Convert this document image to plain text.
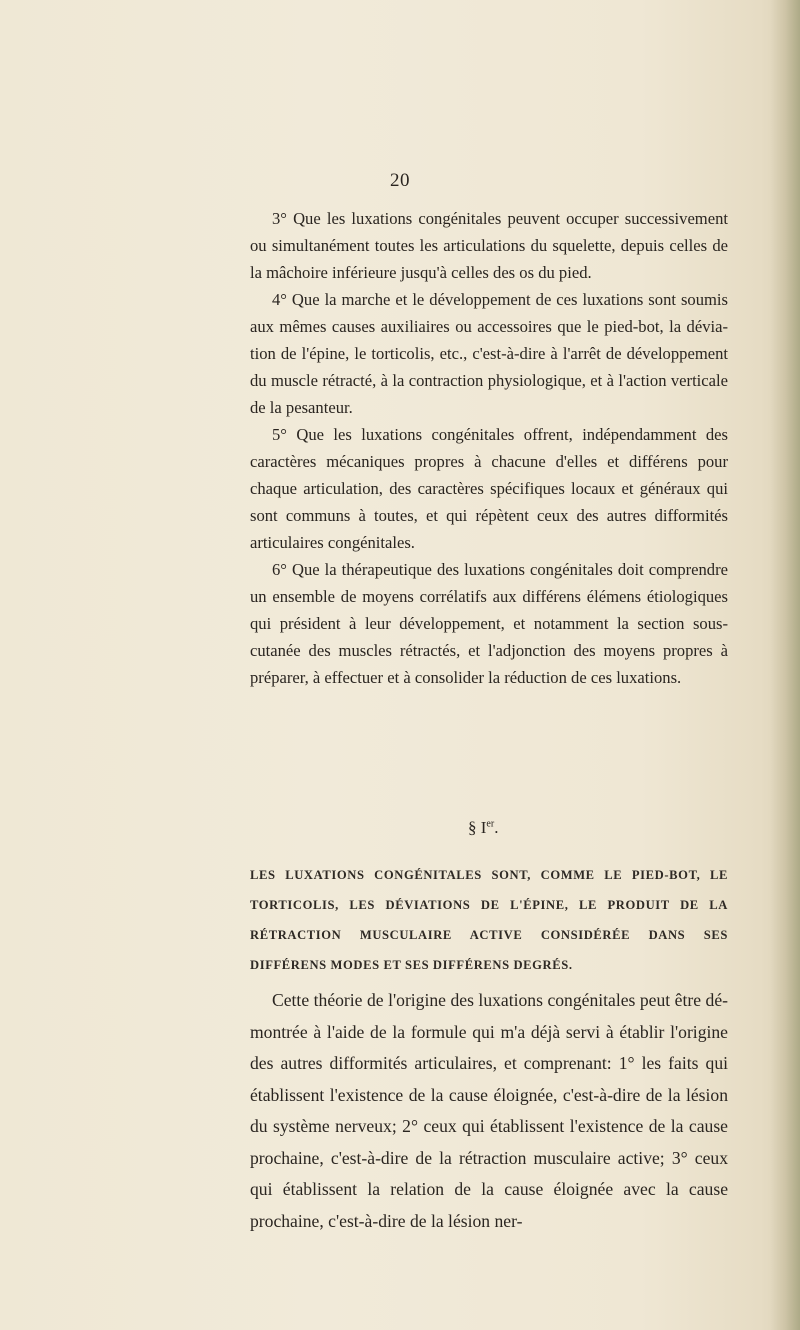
20

3° Que les luxations congénitales peuvent occuper successivement ou simultanément toutes les articulations du squelette, depuis celles de la mâchoire inférieure jusqu'à celles des os du pied.

4° Que la marche et le développement de ces luxations sont soumis aux mêmes causes auxiliaires ou accessoires que le pied-bot, la déviation de l'épine, le torticolis, etc., c'est-à-dire à l'arrêt de développement du muscle rétracté, à la contraction physiologique, et à l'action verticale de la pesanteur.

5° Que les luxations congénitales offrent, indépendamment des caractères mécaniques propres à chacune d'elles et différens pour chaque articulation, des caractères spécifiques locaux et généraux qui sont communs à toutes, et qui répètent ceux des autres difformités articulaires congénitales.

6° Que la thérapeutique des luxations congénitales doit comprendre un ensemble de moyens corrélatifs aux différens élémens étiologiques qui président à leur développement, et notamment la section sous-cutanée des muscles rétractés, et l'adjonction des moyens propres à préparer, à effectuer et à consolider la réduction de ces luxations.

§ Ier.
LES LUXATIONS CONGÉNITALES SONT, COMME LE PIED-BOT, LE TORTICOLIS, LES DÉVIATIONS DE L'ÉPINE, LE PRODUIT DE LA RÉTRACTION MUSCULAIRE ACTIVE CONSIDÉRÉE DANS SES DIFFÉRENS MODES ET SES DIFFÉRENS DEGRÉS.

Cette théorie de l'origine des luxations congénitales peut être démontrée à l'aide de la formule qui m'a déjà servi à établir l'origine des autres difformités articulaires, et comprenant: 1° les faits qui établissent l'existence de la cause éloignée, c'est-à-dire de la lésion du système nerveux; 2° ceux qui établissent l'existence de la cause prochaine, c'est-à-dire de la rétraction musculaire active; 3° ceux qui établissent la relation de la cause éloignée avec la cause prochaine, c'est-à-dire de la lésion ner-
